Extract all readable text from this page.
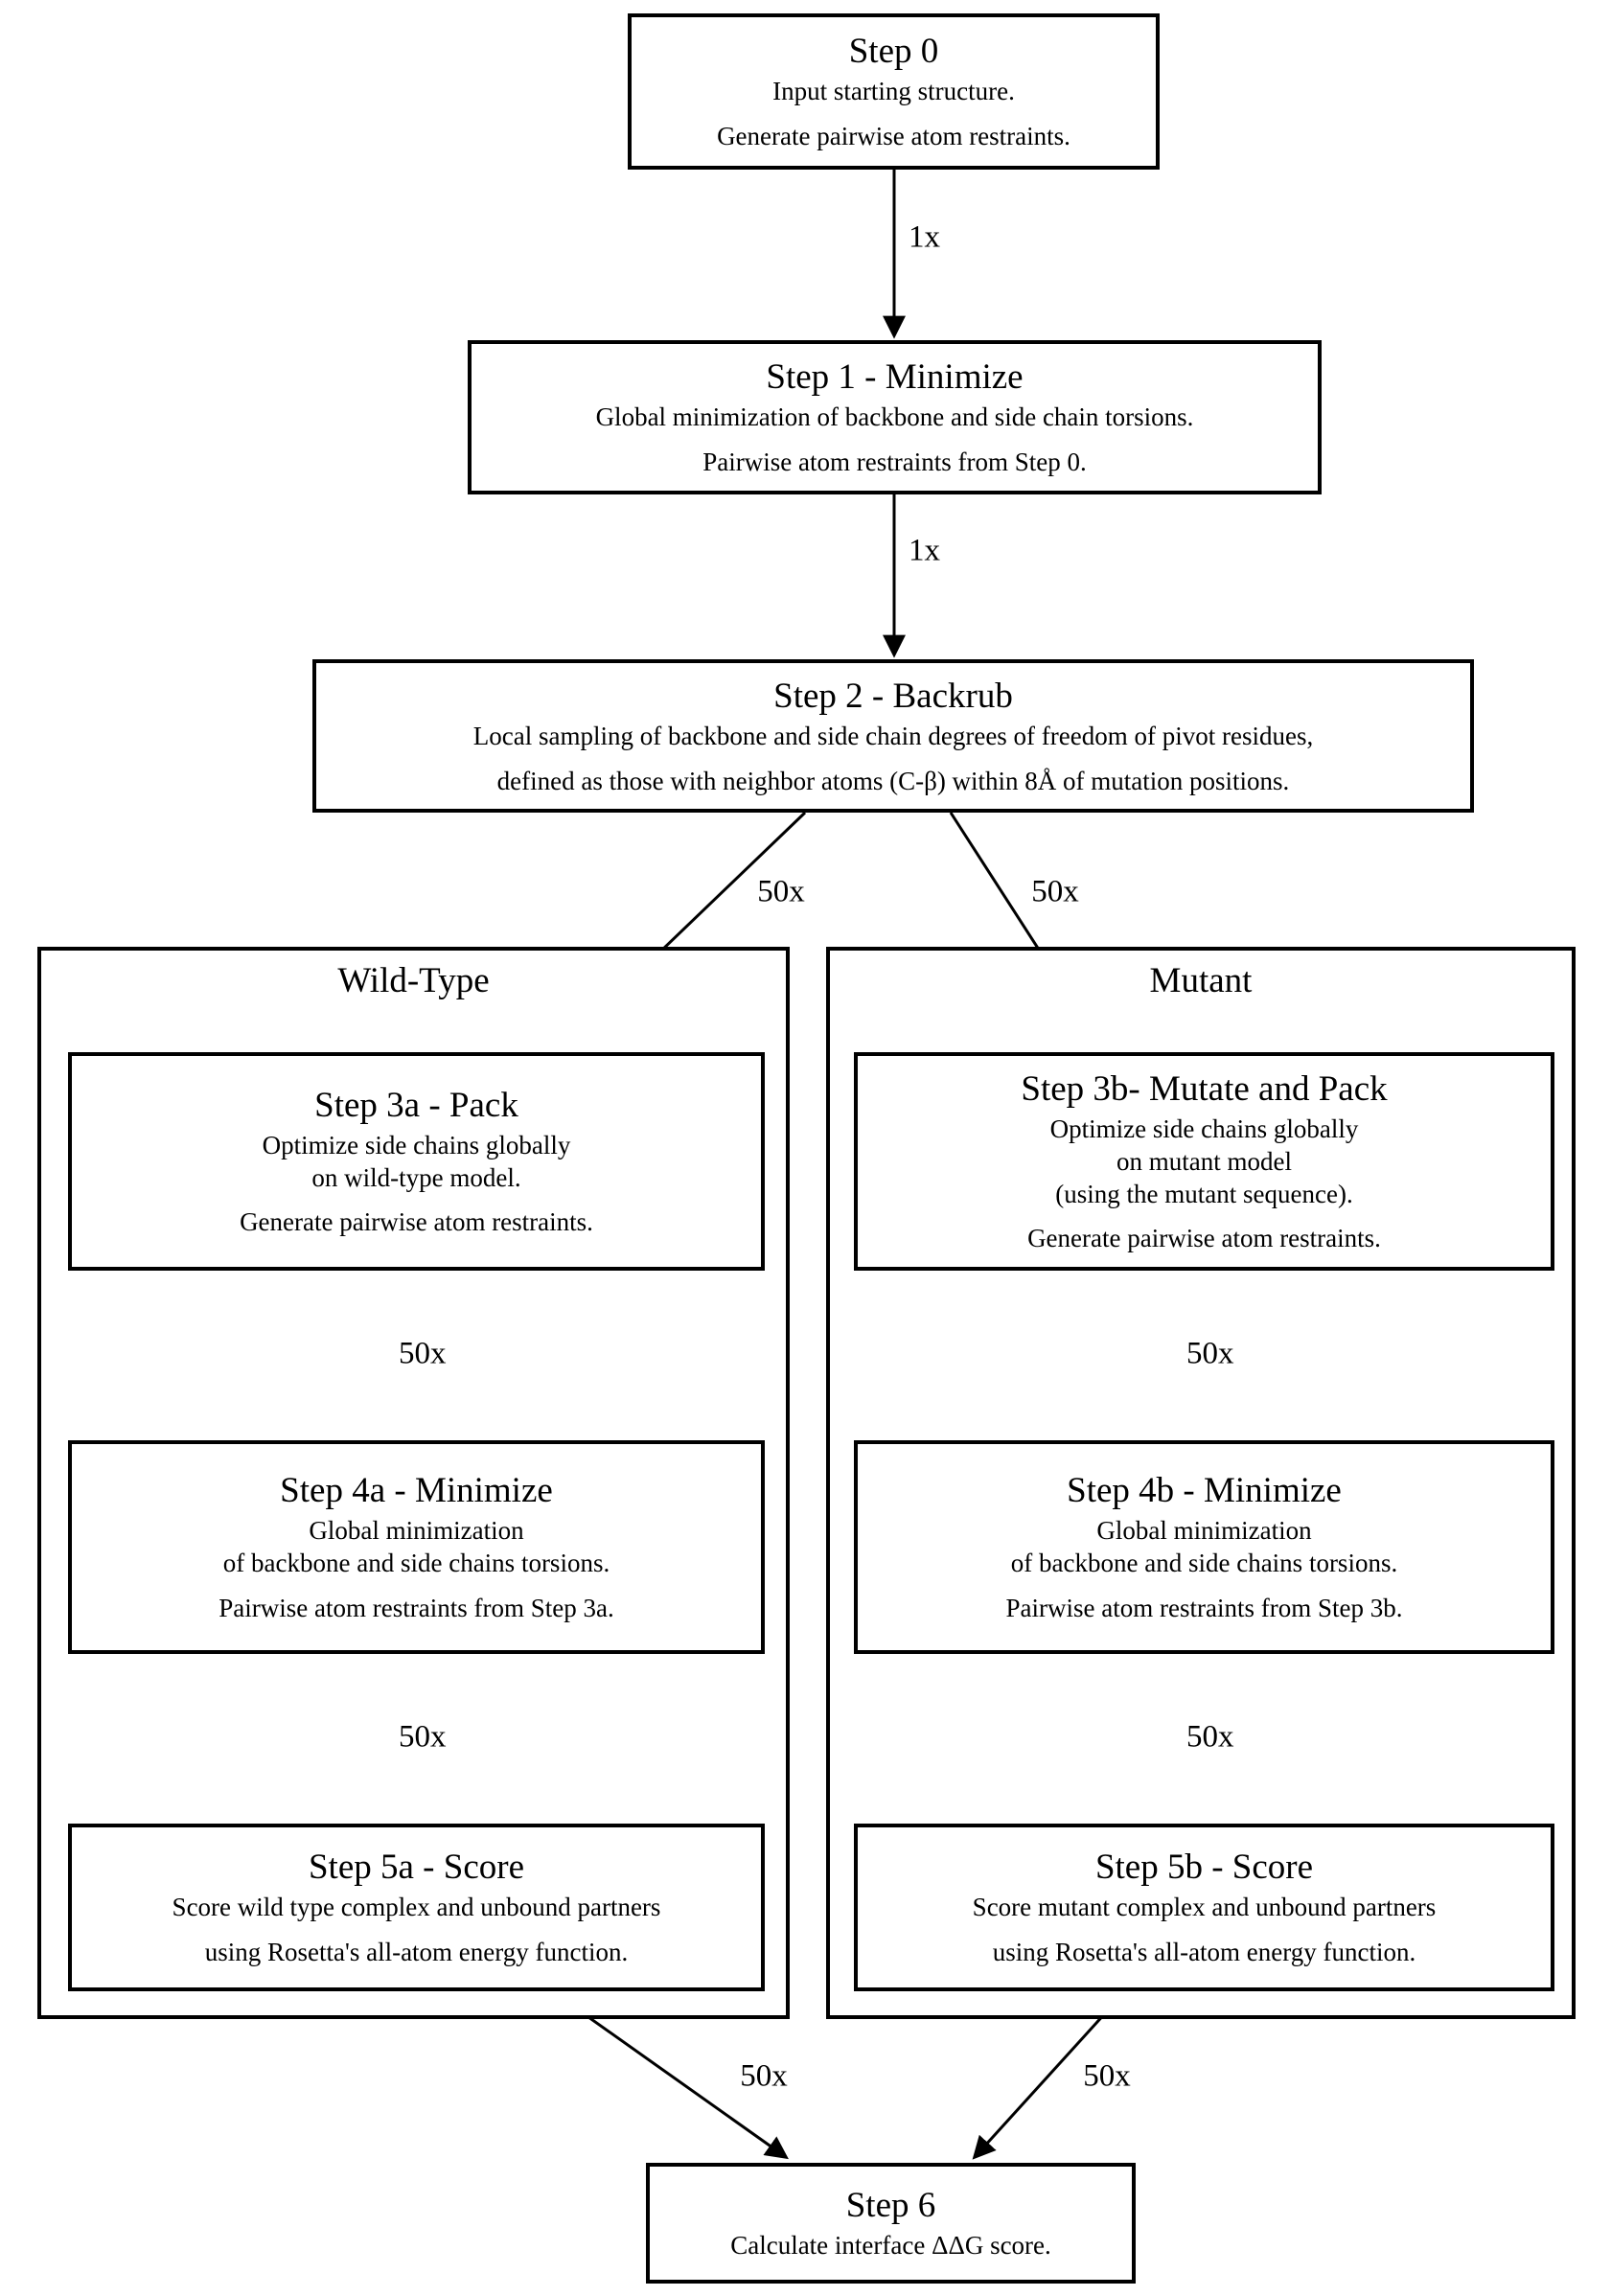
1x
1x
50x	50x
50x	50x
50x	50x
50x	50x
Wild-Type	Mutant
Step 0
Input starting structure.
Generate pairwise atom restraints.
Step 1 - Minimize
Global minimization of backbone and side chain torsions.
Pairwise atom restraints from Step 0.
Step 2 - Backrub
Local sampling of backbone and side chain degrees of freedom of pivot residues,
defined as those with neighbor atoms (C-β) within 8Å of mutation positions.
Step 3a - Pack
Optimize side chains globally
on wild-type model.
Generate pairwise atom restraints.
Step 3b- Mutate and Pack
Optimize side chains globally
on mutant model
(using the mutant sequence).
Generate pairwise atom restraints.
Step 4a - Minimize
Global minimization
of backbone and side chains torsions.
Pairwise atom restraints from Step 3a.
Step 4b - Minimize
Global minimization
of backbone and side chains torsions.
Pairwise atom restraints from Step 3b.
Step 5a - Score
Score wild type complex and unbound partners
using Rosetta's all-atom energy function.
Step 5b - Score
Score mutant complex and unbound partners
using Rosetta's all-atom energy function.
Step 6
Calculate interface ΔΔG score.
